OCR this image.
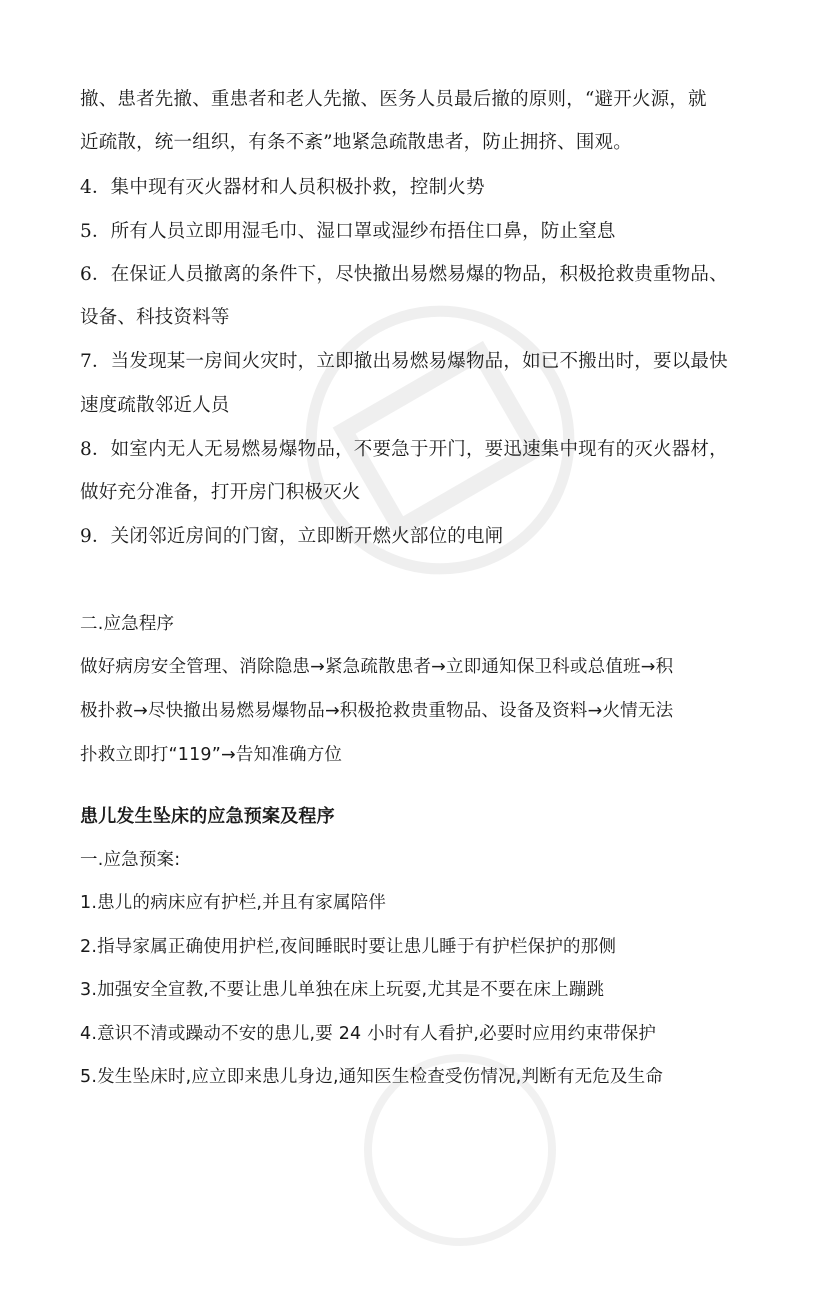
撤、患者先撤、重患者和老人先撤、医务人员最后撤的原则，“避开火源，就
近疏散，统一组织，有条不紊”地紧急疏散患者，防止拥挤、围观。
4．集中现有灭火器材和人员积极扑救，控制火势
5．所有人员立即用湿毛巾、湿口罩或湿纱布捂住口鼻，防止窒息
6．在保证人员撤离的条件下，尽快撤出易燃易爆的物品，积极抢救贵重物品、
设备、科技资料等
7．当发现某一房间火灾时，立即撤出易燃易爆物品，如已不搬出时，要以最快
速度疏散邻近人员
8．如室内无人无易燃易爆物品，不要急于开门，要迅速集中现有的灭火器材，
做好充分准备，打开房门积极灭火
9．关闭邻近房间的门窗，立即断开燃火部位的电闸
二.应急程序
做好病房安全管理、消除隐患→紧急疏散患者→立即通知保卫科或总值班→积
极扑救→尽快撤出易燃易爆物品→积极抢救贵重物品、设备及资料→火情无法
扑救立即打“119”→告知准确方位
患儿发生坠床的应急预案及程序
一.应急预案:
1.患儿的病床应有护栏,并且有家属陪伴
2.指导家属正确使用护栏,夜间睡眠时要让患儿睡于有护栏保护的那侧
3.加强安全宣教,不要让患儿单独在床上玩耍,尤其是不要在床上蹦跳
4.意识不清或躁动不安的患儿,要 24 小时有人看护,必要时应用约束带保护
5.发生坠床时,应立即来患儿身边,通知医生检查受伤情况,判断有无危及生命
